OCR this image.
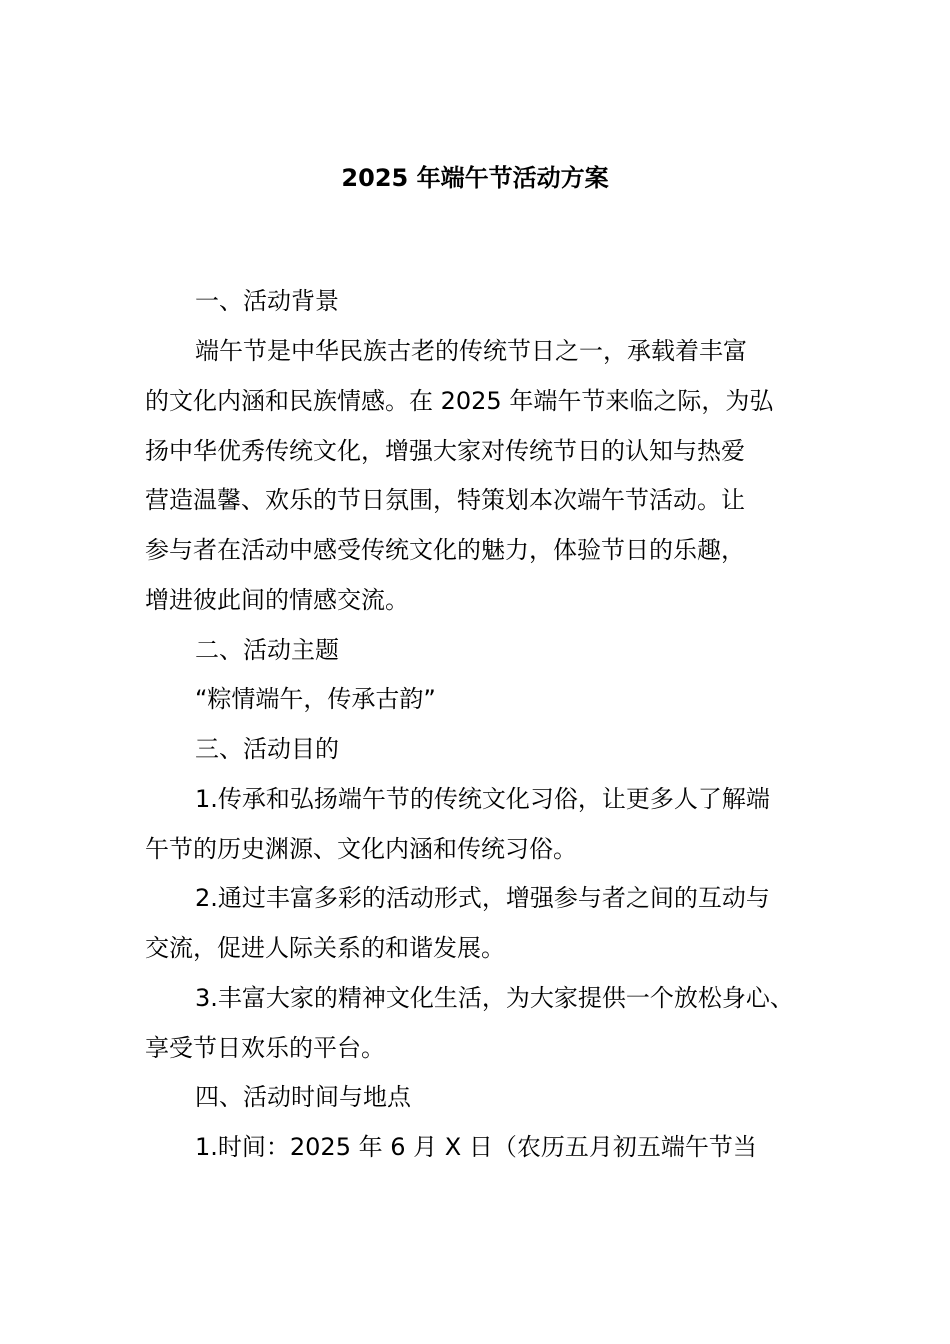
2025 年端午节活动方案
一、活动背景
端午节是中华民族古老的传统节日之一，承载着丰富
的文化内涵和民族情感。在 2025 年端午节来临之际，为弘
扬中华优秀传统文化，增强大家对传统节日的认知与热爱
营造温馨、欢乐的节日氛围，特策划本次端午节活动。让
参与者在活动中感受传统文化的魅力，体验节日的乐趣，
增进彼此间的情感交流。
二、活动主题
“粽情端午，传承古韵”
三、活动目的
1.传承和弘扬端午节的传统文化习俗，让更多人了解端
午节的历史渊源、文化内涵和传统习俗。
2.通过丰富多彩的活动形式，增强参与者之间的互动与
交流，促进人际关系的和谐发展。
3.丰富大家的精神文化生活，为大家提供一个放松身心、
享受节日欢乐的平台。
四、活动时间与地点
1.时间：2025 年 6 月 X 日（农历五月初五端午节当
